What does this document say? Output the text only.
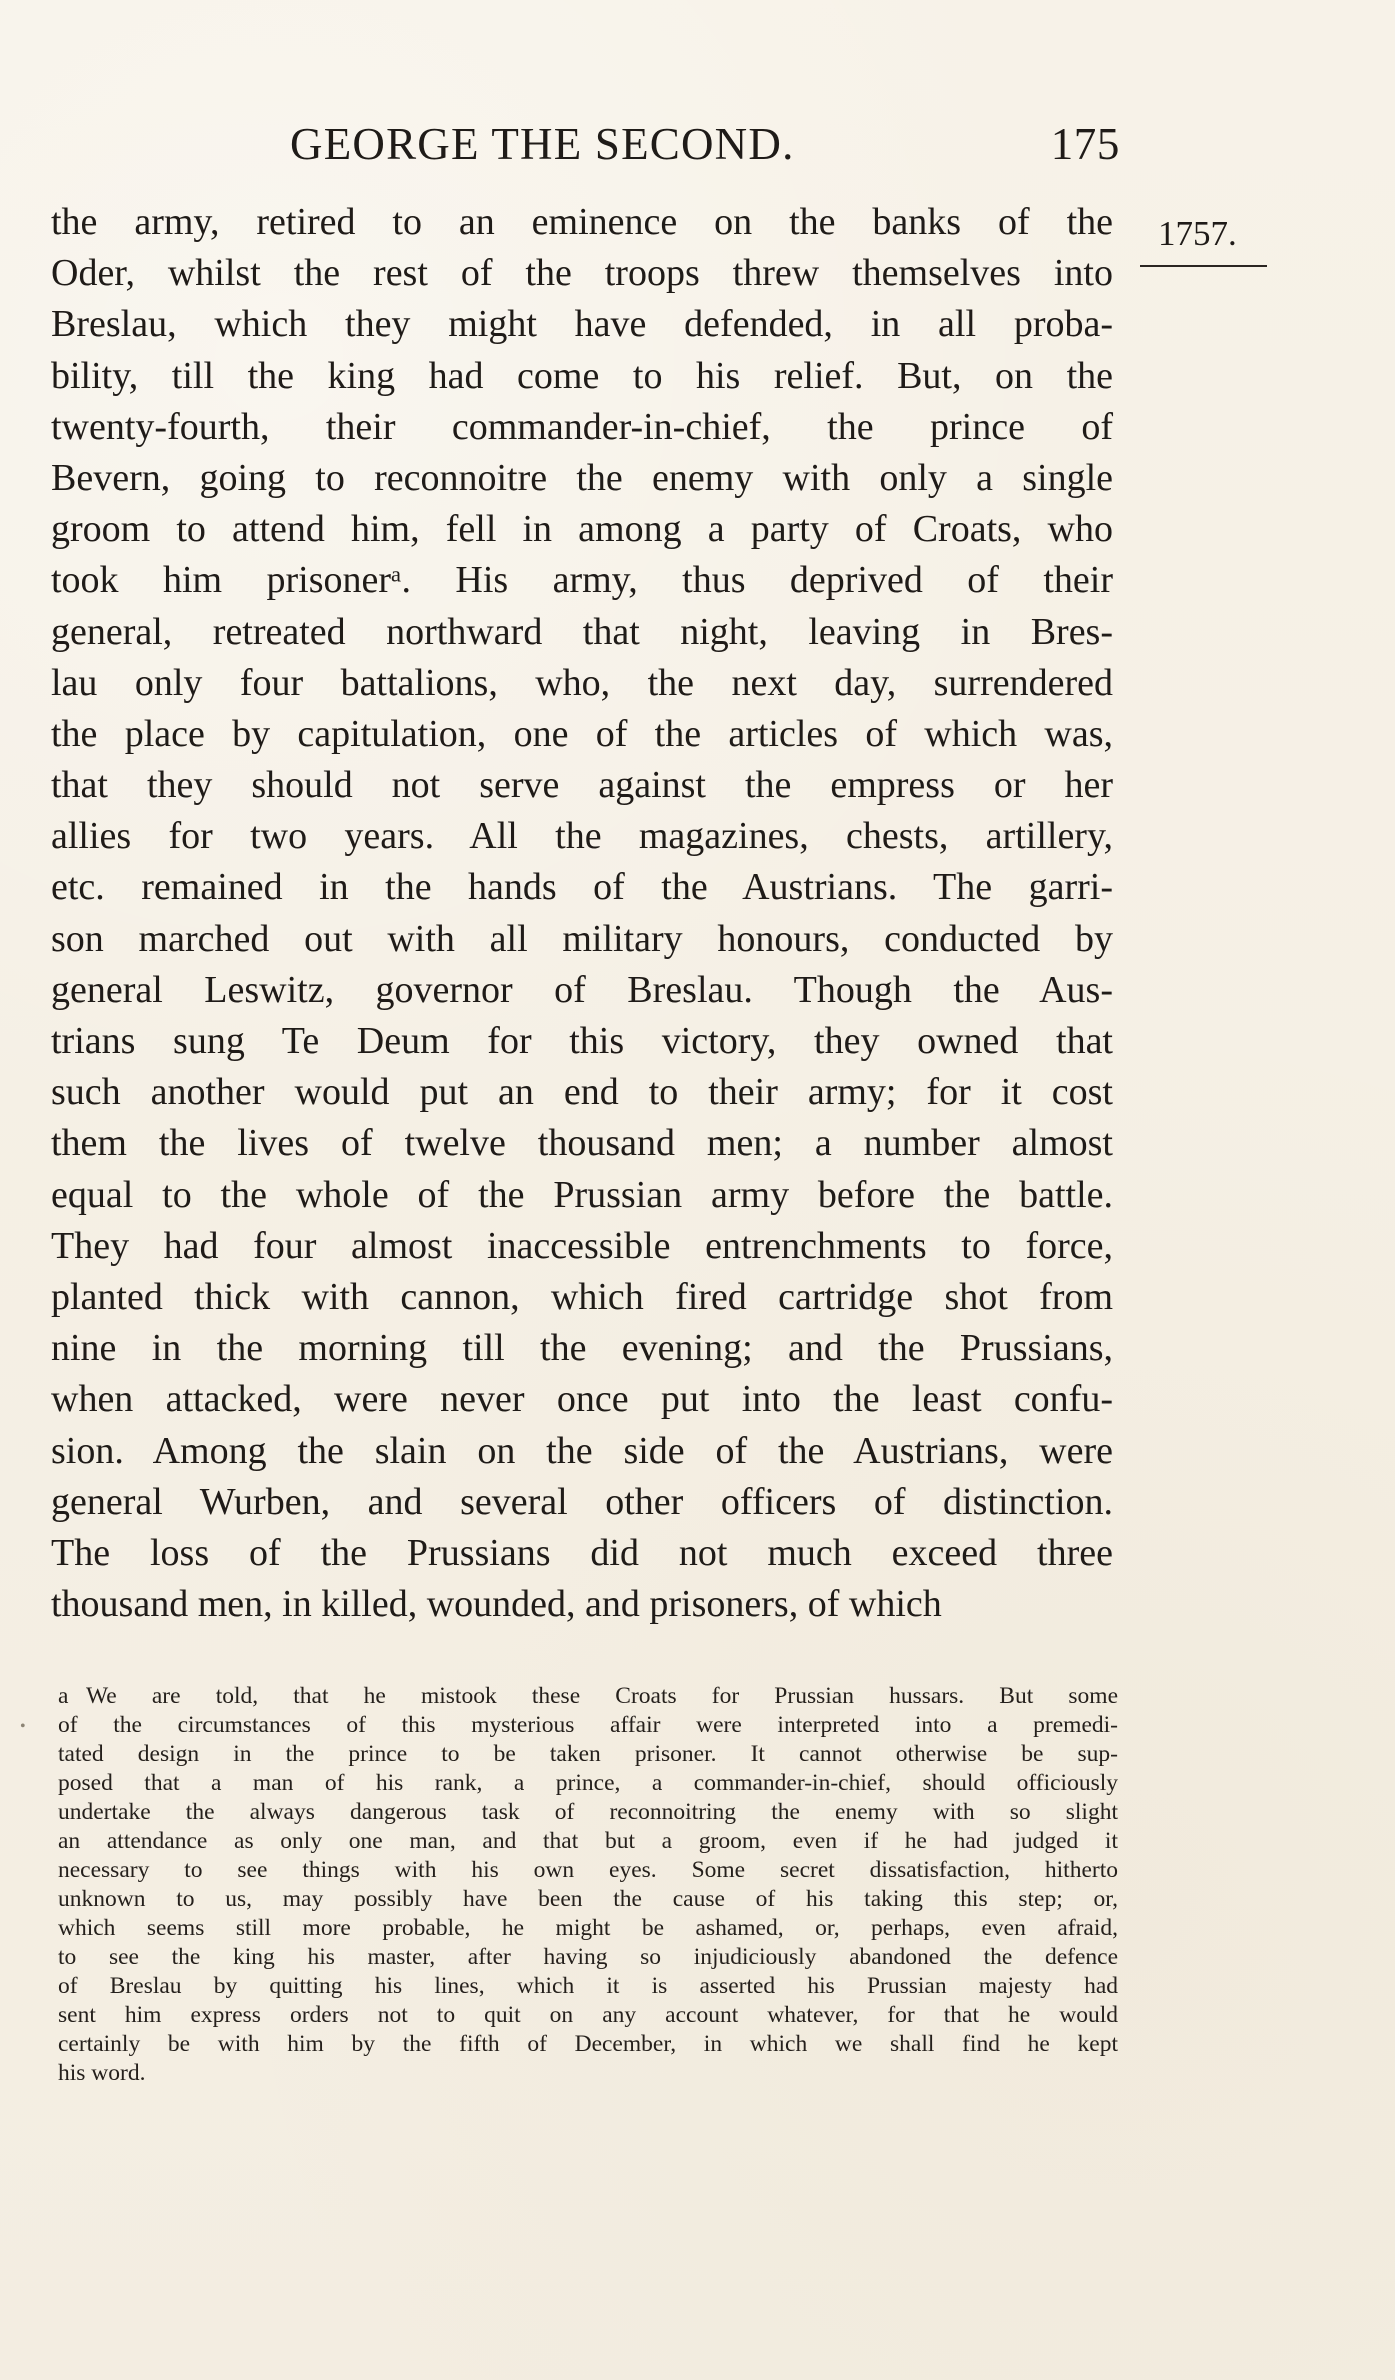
GEORGE THE SECOND.	175
1757.
the army, retired to an eminence on the banks of the
Oder, whilst the rest of the troops threw themselves into
Breslau, which they might have defended, in all proba-
bility, till the king had come to his relief. But, on the
twenty-fourth, their commander-in-chief, the prince of
Bevern, going to reconnoitre the enemy with only a single
groom to attend him, fell in among a party of Croats, who
took him prisonerᵃ. His army, thus deprived of their
general, retreated northward that night, leaving in Bres-
lau only four battalions, who, the next day, surrendered
the place by capitulation, one of the articles of which was,
that they should not serve against the empress or her
allies for two years. All the magazines, chests, artillery,
etc. remained in the hands of the Austrians. The garri-
son marched out with all military honours, conducted by
general Leswitz, governor of Breslau. Though the Aus-
trians sung Te Deum for this victory, they owned that
such another would put an end to their army; for it cost
them the lives of twelve thousand men; a number almost
equal to the whole of the Prussian army before the battle.
They had four almost inaccessible entrenchments to force,
planted thick with cannon, which fired cartridge shot from
nine in the morning till the evening; and the Prussians,
when attacked, were never once put into the least confu-
sion. Among the slain on the side of the Austrians, were
general Wurben, and several other officers of distinction.
The loss of the Prussians did not much exceed three
thousand men, in killed, wounded, and prisoners, of which
•
a We are told, that he mistook these Croats for Prussian hussars. But some
of the circumstances of this mysterious affair were interpreted into a premedi-
tated design in the prince to be taken prisoner. It cannot otherwise be sup-
posed that a man of his rank, a prince, a commander-in-chief, should officiously
undertake the always dangerous task of reconnoitring the enemy with so slight
an attendance as only one man, and that but a groom, even if he had judged it
necessary to see things with his own eyes. Some secret dissatisfaction, hitherto
unknown to us, may possibly have been the cause of his taking this step; or,
which seems still more probable, he might be ashamed, or, perhaps, even afraid,
to see the king his master, after having so injudiciously abandoned the defence
of Breslau by quitting his lines, which it is asserted his Prussian majesty had
sent him express orders not to quit on any account whatever, for that he would
certainly be with him by the fifth of December, in which we shall find he kept
his word.
